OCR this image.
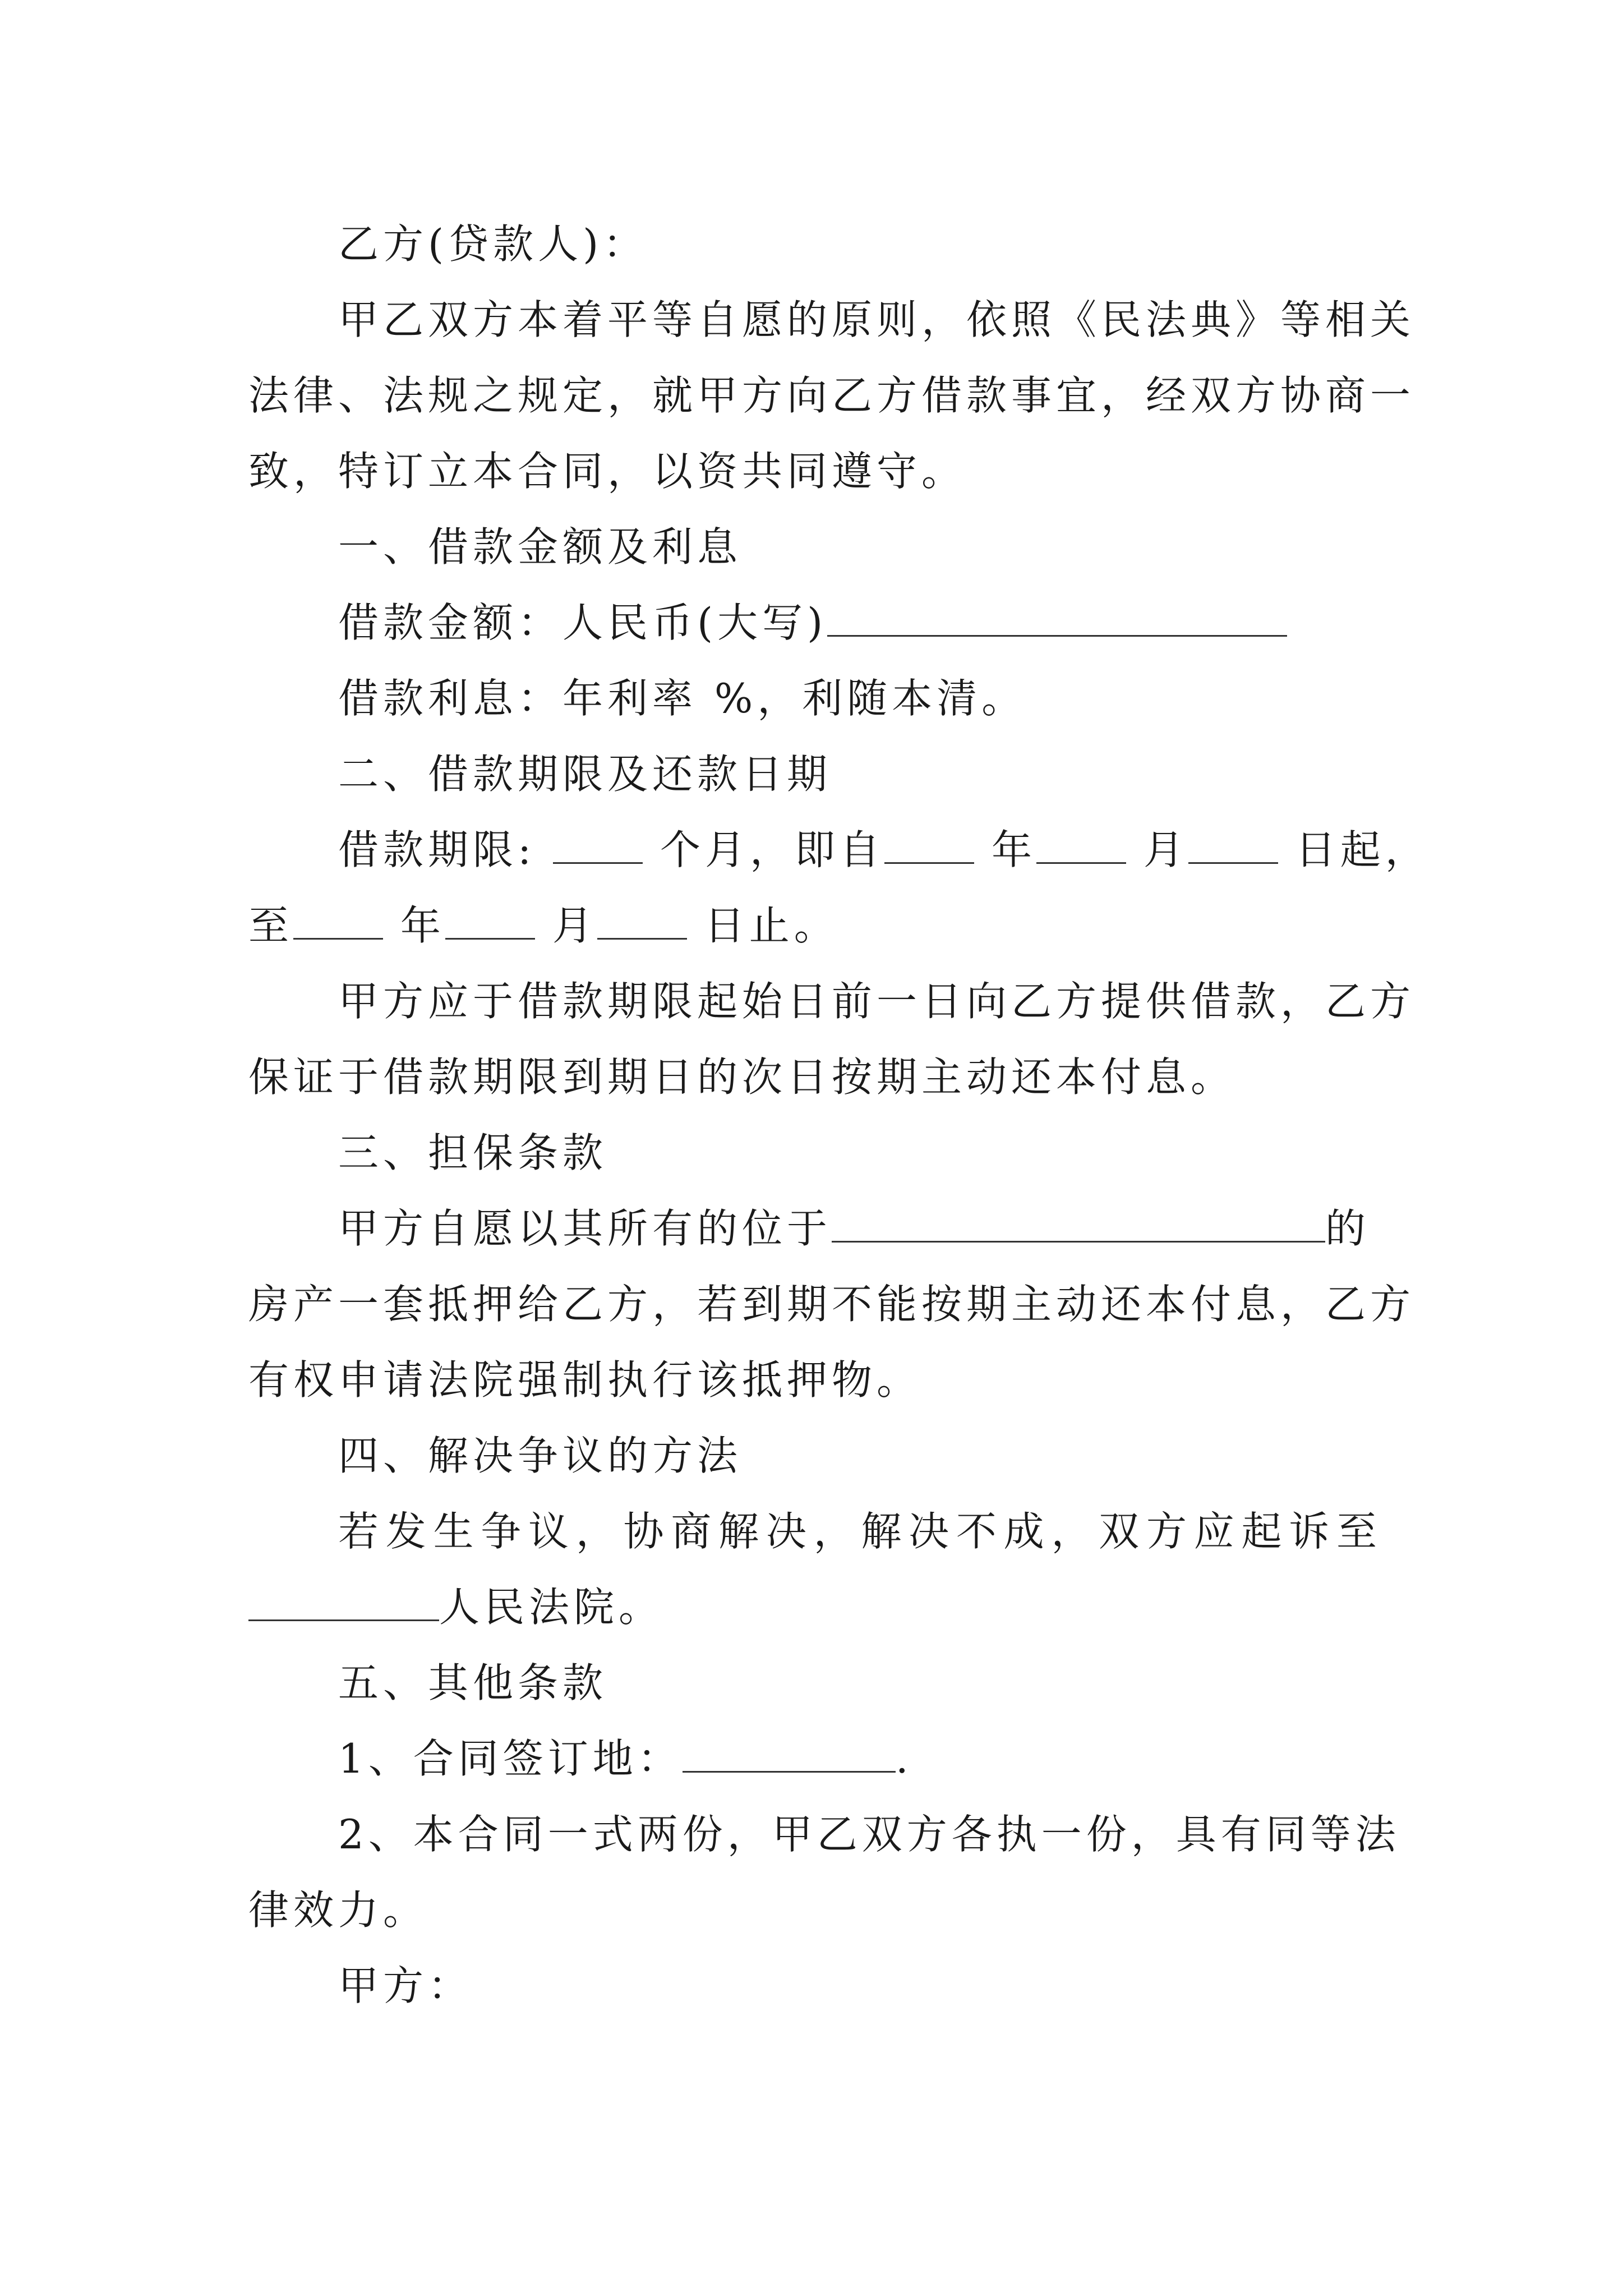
乙方(贷款人)：
甲乙双方本着平等自愿的原则，依照《民法典》等相关
法律、法规之规定，就甲方向乙方借款事宜，经双方协商一
致，特订立本合同，以资共同遵守。
一、借款金额及利息
借款金额：人民币(大写)
借款利息：年利率 %，利随本清。
二、借款期限及还款日期
借款期限:	个月，即自	年	月	日起，
至	年	月	日止。
甲方应于借款期限起始日前一日向乙方提供借款，乙方
保证于借款期限到期日的次日按期主动还本付息。
三、担保条款
甲方自愿以其所有的位于	的
房产一套抵押给乙方，若到期不能按期主动还本付息，乙方
有权申请法院强制执行该抵押物。
四、解决争议的方法
若发生争议，协商解决，解决不成，双方应起诉至
人民法院。
五、其他条款
1、合同签订地：	.
2、本合同一式两份，甲乙双方各执一份，具有同等法
律效力。
甲方：
